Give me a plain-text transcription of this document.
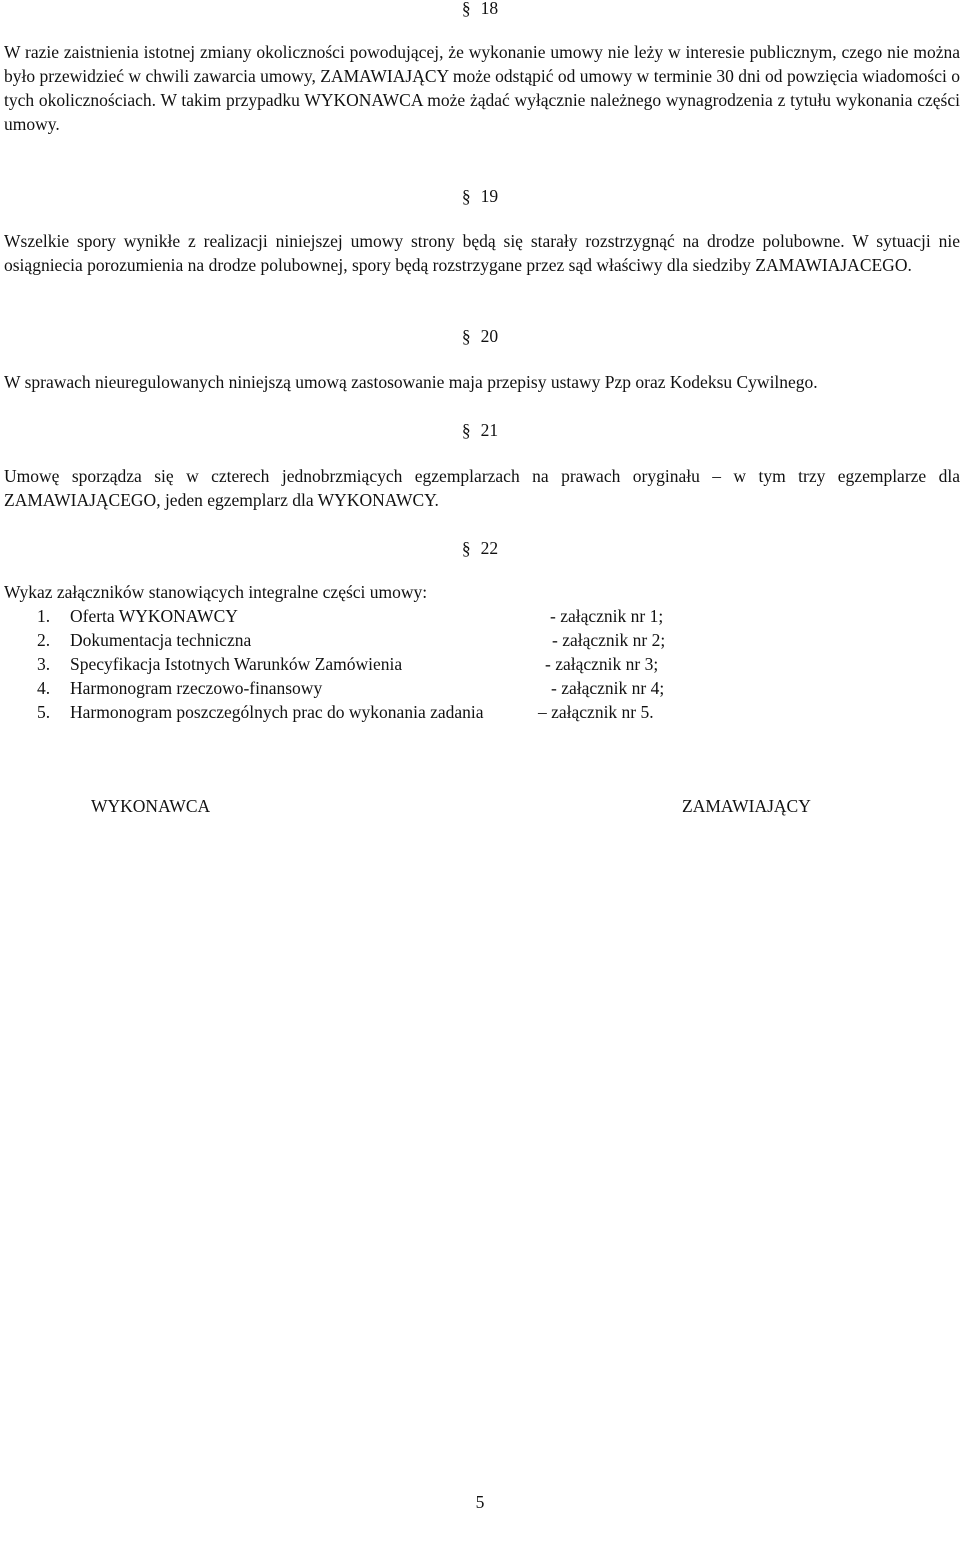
§ 18

W razie zaistnienia istotnej zmiany okoliczności powodującej, że wykonanie umowy nie leży w interesie publicznym, czego nie można było przewidzieć w chwili zawarcia umowy, ZAMAWIAJĄCY może odstąpić od umowy w terminie 30 dni od powzięcia wiadomości o tych okolicznościach. W takim przypadku WYKONAWCA może żądać wyłącznie należnego wynagrodzenia z tytułu wykonania części umowy.

§ 19

Wszelkie spory wynikłe z realizacji niniejszej umowy strony będą się starały rozstrzygnąć na drodze polubowne. W sytuacji nie osiągniecia porozumienia na drodze polubownej, spory będą rozstrzygane przez sąd właściwy dla siedziby ZAMAWIAJACEGO.

§ 20

W sprawach nieuregulowanych niniejszą umową zastosowanie maja przepisy ustawy Pzp oraz Kodeksu Cywilnego.

§ 21

Umowę sporządza się w czterech jednobrzmiących egzemplarzach na prawach oryginału – w tym trzy egzemplarze dla ZAMAWIAJĄCEGO, jeden egzemplarz dla WYKONAWCY.

§ 22

Wykaz załączników stanowiących integralne części umowy:

1. Oferta WYKONAWCY	- załącznik nr 1;
2. Dokumentacja techniczna	- załącznik nr 2;
3. Specyfikacja Istotnych Warunków Zamówienia	- załącznik nr 3;
4. Harmonogram rzeczowo-finansowy	- załącznik nr 4;
5. Harmonogram poszczególnych prac do wykonania zadania	– załącznik nr 5.
WYKONAWCA	ZAMAWIAJĄCY
5
